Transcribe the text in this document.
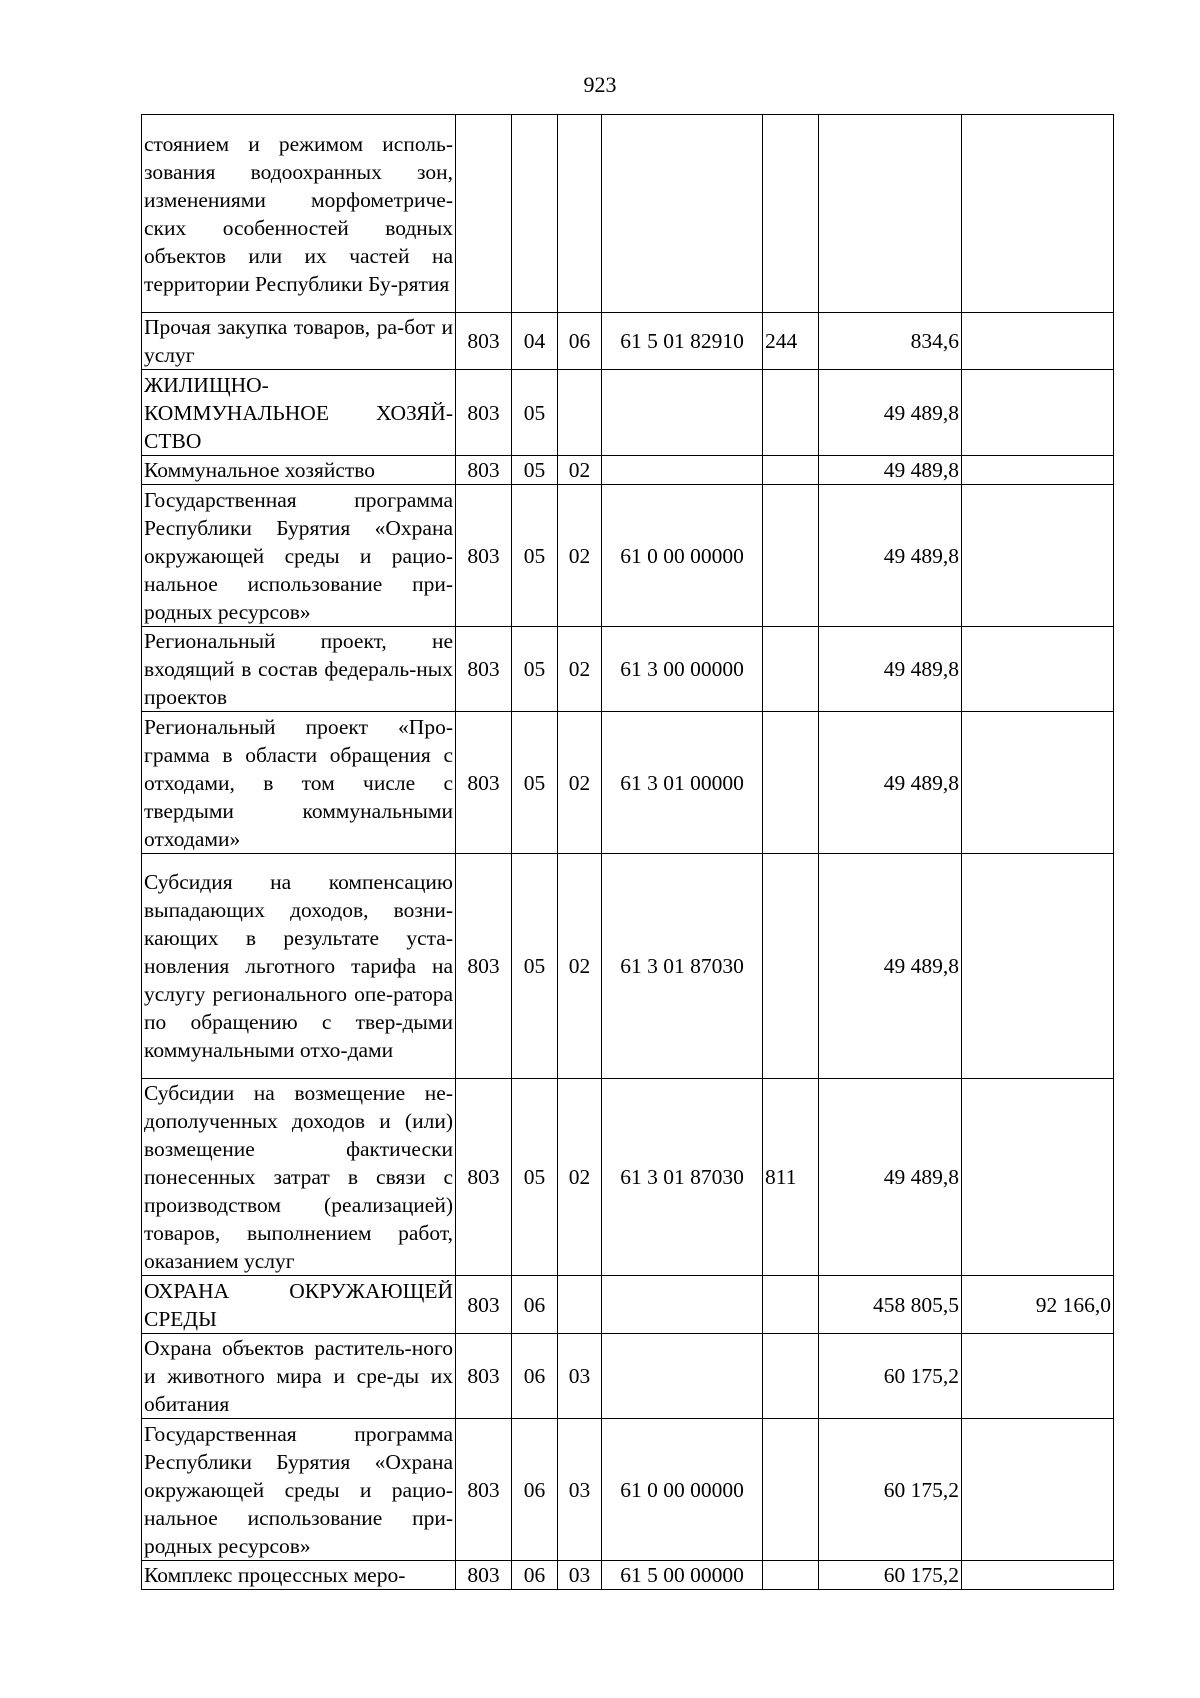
923
стоянием и режимом исполь-зования водоохранных зон, изменениями морфометриче-ских особенностей водных объектов или их частей на территории Республики Бу-рятия							
Прочая закупка товаров, ра-бот и услуг	803	04	06	61 5 01 82910	244	834,6	
ЖИЛИЩНО-КОММУНАЛЬНОЕ ХОЗЯЙ-СТВО	803	05				49 489,8	
Коммунальное хозяйство	803	05	02			49 489,8	
Государственная программа Республики Бурятия «Охрана окружающей среды и рацио-нальное использование при-родных ресурсов»	803	05	02	61 0 00 00000		49 489,8	
Региональный проект, не входящий в состав федераль-ных проектов	803	05	02	61 3 00 00000		49 489,8	
Региональный проект «Про-грамма в области обращения с отходами, в том числе с твердыми коммунальными отходами»	803	05	02	61 3 01 00000		49 489,8	
Субсидия на компенсацию выпадающих доходов, возни-кающих в результате уста-новления льготного тарифа на услугу регионального опе-ратора по обращению с твер-дыми коммунальными отхо-дами	803	05	02	61 3 01 87030		49 489,8	
Субсидии на возмещение не-дополученных доходов и (или) возмещение фактически понесенных затрат в связи с производством (реализацией) товаров, выполнением работ, оказанием услуг	803	05	02	61 3 01 87030	811	49 489,8	
ОХРАНА ОКРУЖАЮЩЕЙ СРЕДЫ	803	06				458 805,5	92 166,0
Охрана объектов раститель-ного и животного мира и сре-ды их обитания	803	06	03			60 175,2	
Государственная программа Республики Бурятия «Охрана окружающей среды и рацио-нальное использование при-родных ресурсов»	803	06	03	61 0 00 00000		60 175,2	
Комплекс процессных меро-	803	06	03	61 5 00 00000		60 175,2	
